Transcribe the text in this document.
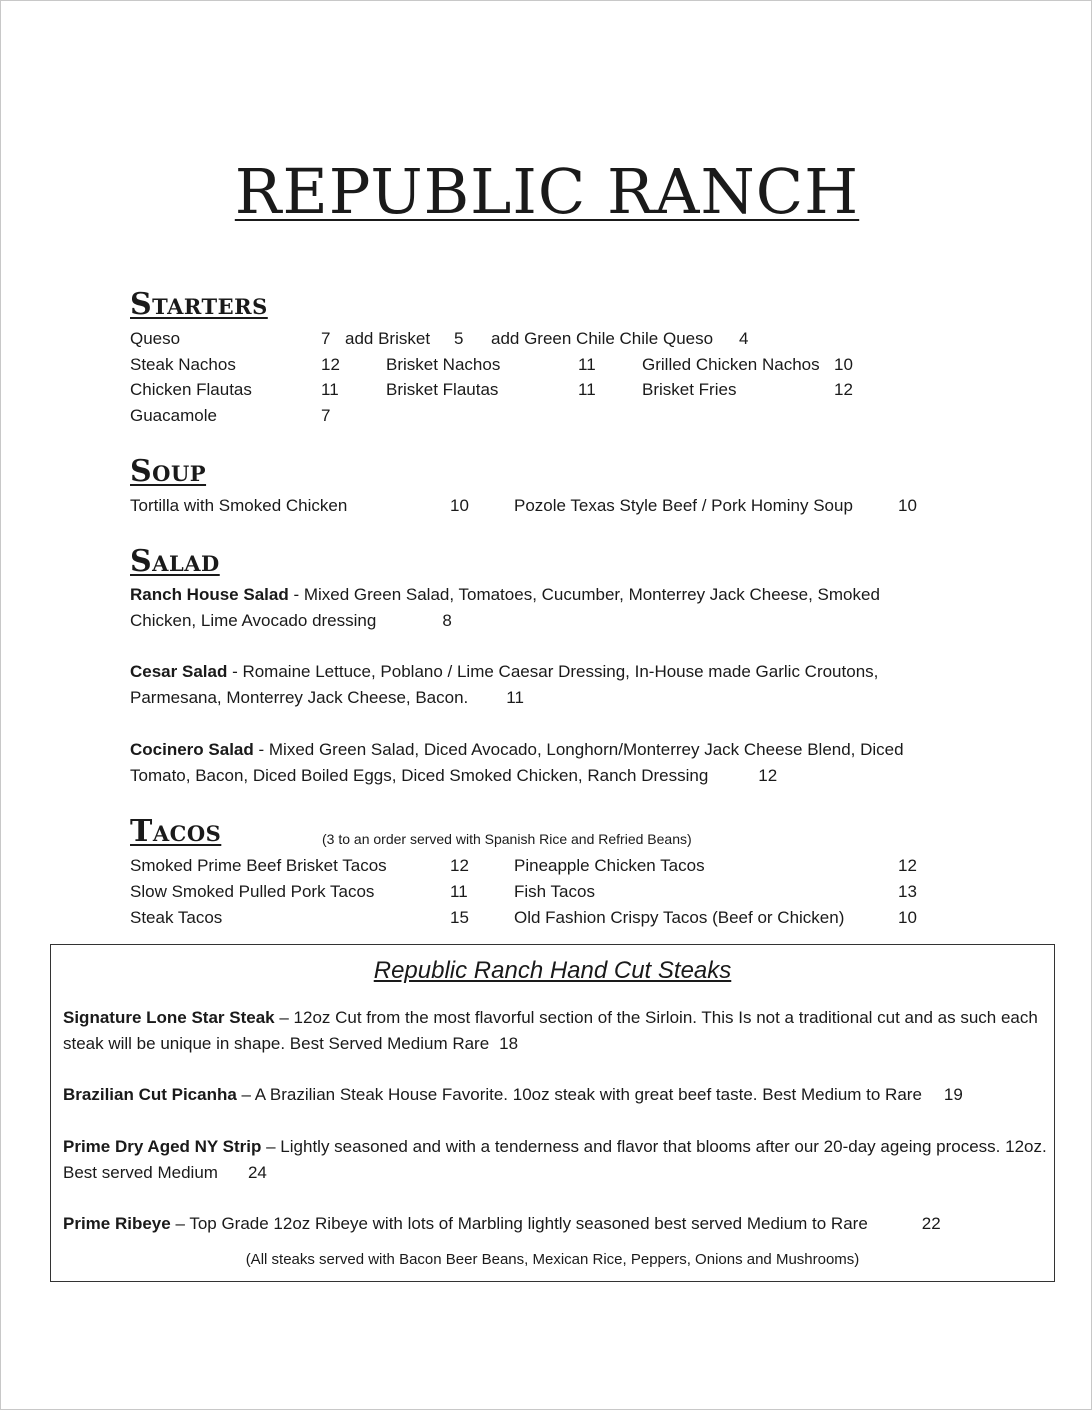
REPUBLIC RANCH
Starters
Queso	7 add Brisket 5 add Green Chile Chile Queso 4
Steak Nachos	12	Brisket Nachos	11	Grilled Chicken Nachos 10
Chicken Flautas	11	Brisket Flautas	11	Brisket Fries	12
Guacamole	7
Soup
Tortilla with Smoked Chicken	10	Pozole Texas Style Beef / Pork Hominy Soup	10
Salad
Ranch House Salad - Mixed Green Salad, Tomatoes, Cucumber, Monterrey Jack Cheese, Smoked Chicken, Lime Avocado dressing	8
Cesar Salad - Romaine Lettuce, Poblano / Lime Caesar Dressing, In-House made Garlic Croutons, Parmesana, Monterrey Jack Cheese, Bacon. 11
Cocinero Salad - Mixed Green Salad, Diced Avocado, Longhorn/Monterrey Jack Cheese Blend, Diced Tomato, Bacon, Diced Boiled Eggs, Diced Smoked Chicken, Ranch Dressing	12
Tacos	(3 to an order served with Spanish Rice and Refried Beans)
Smoked Prime Beef Brisket Tacos	12	Pineapple Chicken Tacos	12
Slow Smoked Pulled Pork Tacos	11	Fish Tacos	13
Steak Tacos	15	Old Fashion Crispy Tacos (Beef or Chicken)	10
Republic Ranch Hand Cut Steaks
Signature Lone Star Steak – 12oz Cut from the most flavorful section of the Sirloin. This Is not a traditional cut and as such each steak will be unique in shape. Best Served Medium Rare 18
Brazilian Cut Picanha – A Brazilian Steak House Favorite. 10oz steak with great beef taste. Best Medium to Rare 19
Prime Dry Aged NY Strip – Lightly seasoned and with a tenderness and flavor that blooms after our 20-day ageing process. 12oz. Best served Medium 24
Prime Ribeye – Top Grade 12oz Ribeye with lots of Marbling lightly seasoned best served Medium to Rare	22
(All steaks served with Bacon Beer Beans, Mexican Rice, Peppers, Onions and Mushrooms)
